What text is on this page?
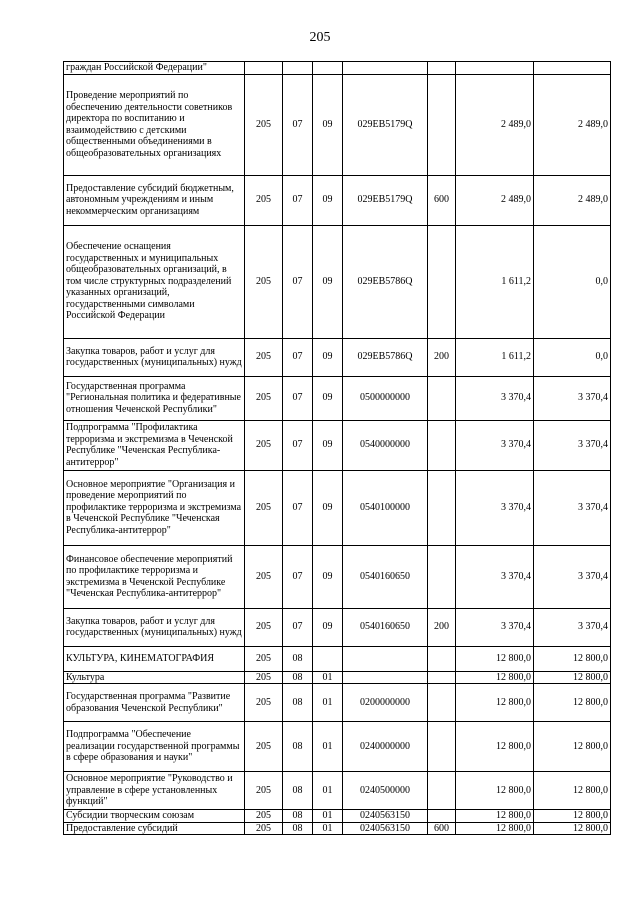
205
граждан Российской Федерации"							
Проведение мероприятий по обеспечению деятельности советников директора по воспитанию и взаимодействию с детскими общественными объединениями в общеобразовательных организациях	205	07	09	029EB5179Q		2 489,0	2 489,0
Предоставление субсидий бюджетным, автономным учреждениям и иным некоммерческим организациям	205	07	09	029EB5179Q	600	2 489,0	2 489,0
Обеспечение оснащения государственных и муниципальных общеобразовательных организаций, в том числе структурных подразделений указанных организаций, государственными символами Российской Федерации	205	07	09	029EB5786Q		1 611,2	0,0
Закупка товаров, работ и услуг для государственных (муниципальных) нужд	205	07	09	029EB5786Q	200	1 611,2	0,0
Государственная программа "Региональная политика и федеративные отношения Чеченской Республики"	205	07	09	0500000000		3 370,4	3 370,4
Подпрограмма "Профилактика терроризма и экстремизма в Чеченской Республике "Чеченская Республика-антитеррор"	205	07	09	0540000000		3 370,4	3 370,4
Основное мероприятие "Организация и проведение мероприятий по профилактике терроризма и экстремизма в Чеченской Республике "Чеченская Республика-антитеррор"	205	07	09	0540100000		3 370,4	3 370,4
Финансовое обеспечение мероприятий по профилактике терроризма и экстремизма в Чеченской Республике "Чеченская Республика-антитеррор"	205	07	09	0540160650		3 370,4	3 370,4
Закупка товаров, работ и услуг для государственных (муниципальных) нужд	205	07	09	0540160650	200	3 370,4	3 370,4
КУЛЬТУРА, КИНЕМАТОГРАФИЯ	205	08				12 800,0	12 800,0
Культура	205	08	01			12 800,0	12 800,0
Государственная программа "Развитие образования Чеченской Республики"	205	08	01	0200000000		12 800,0	12 800,0
Подпрограмма "Обеспечение реализации государственной программы в сфере образования и науки"	205	08	01	0240000000		12 800,0	12 800,0
Основное мероприятие "Руководство и управление в сфере установленных функций"	205	08	01	0240500000		12 800,0	12 800,0
Субсидии творческим союзам	205	08	01	0240563150		12 800,0	12 800,0
Предоставление субсидий	205	08	01	0240563150	600	12 800,0	12 800,0
